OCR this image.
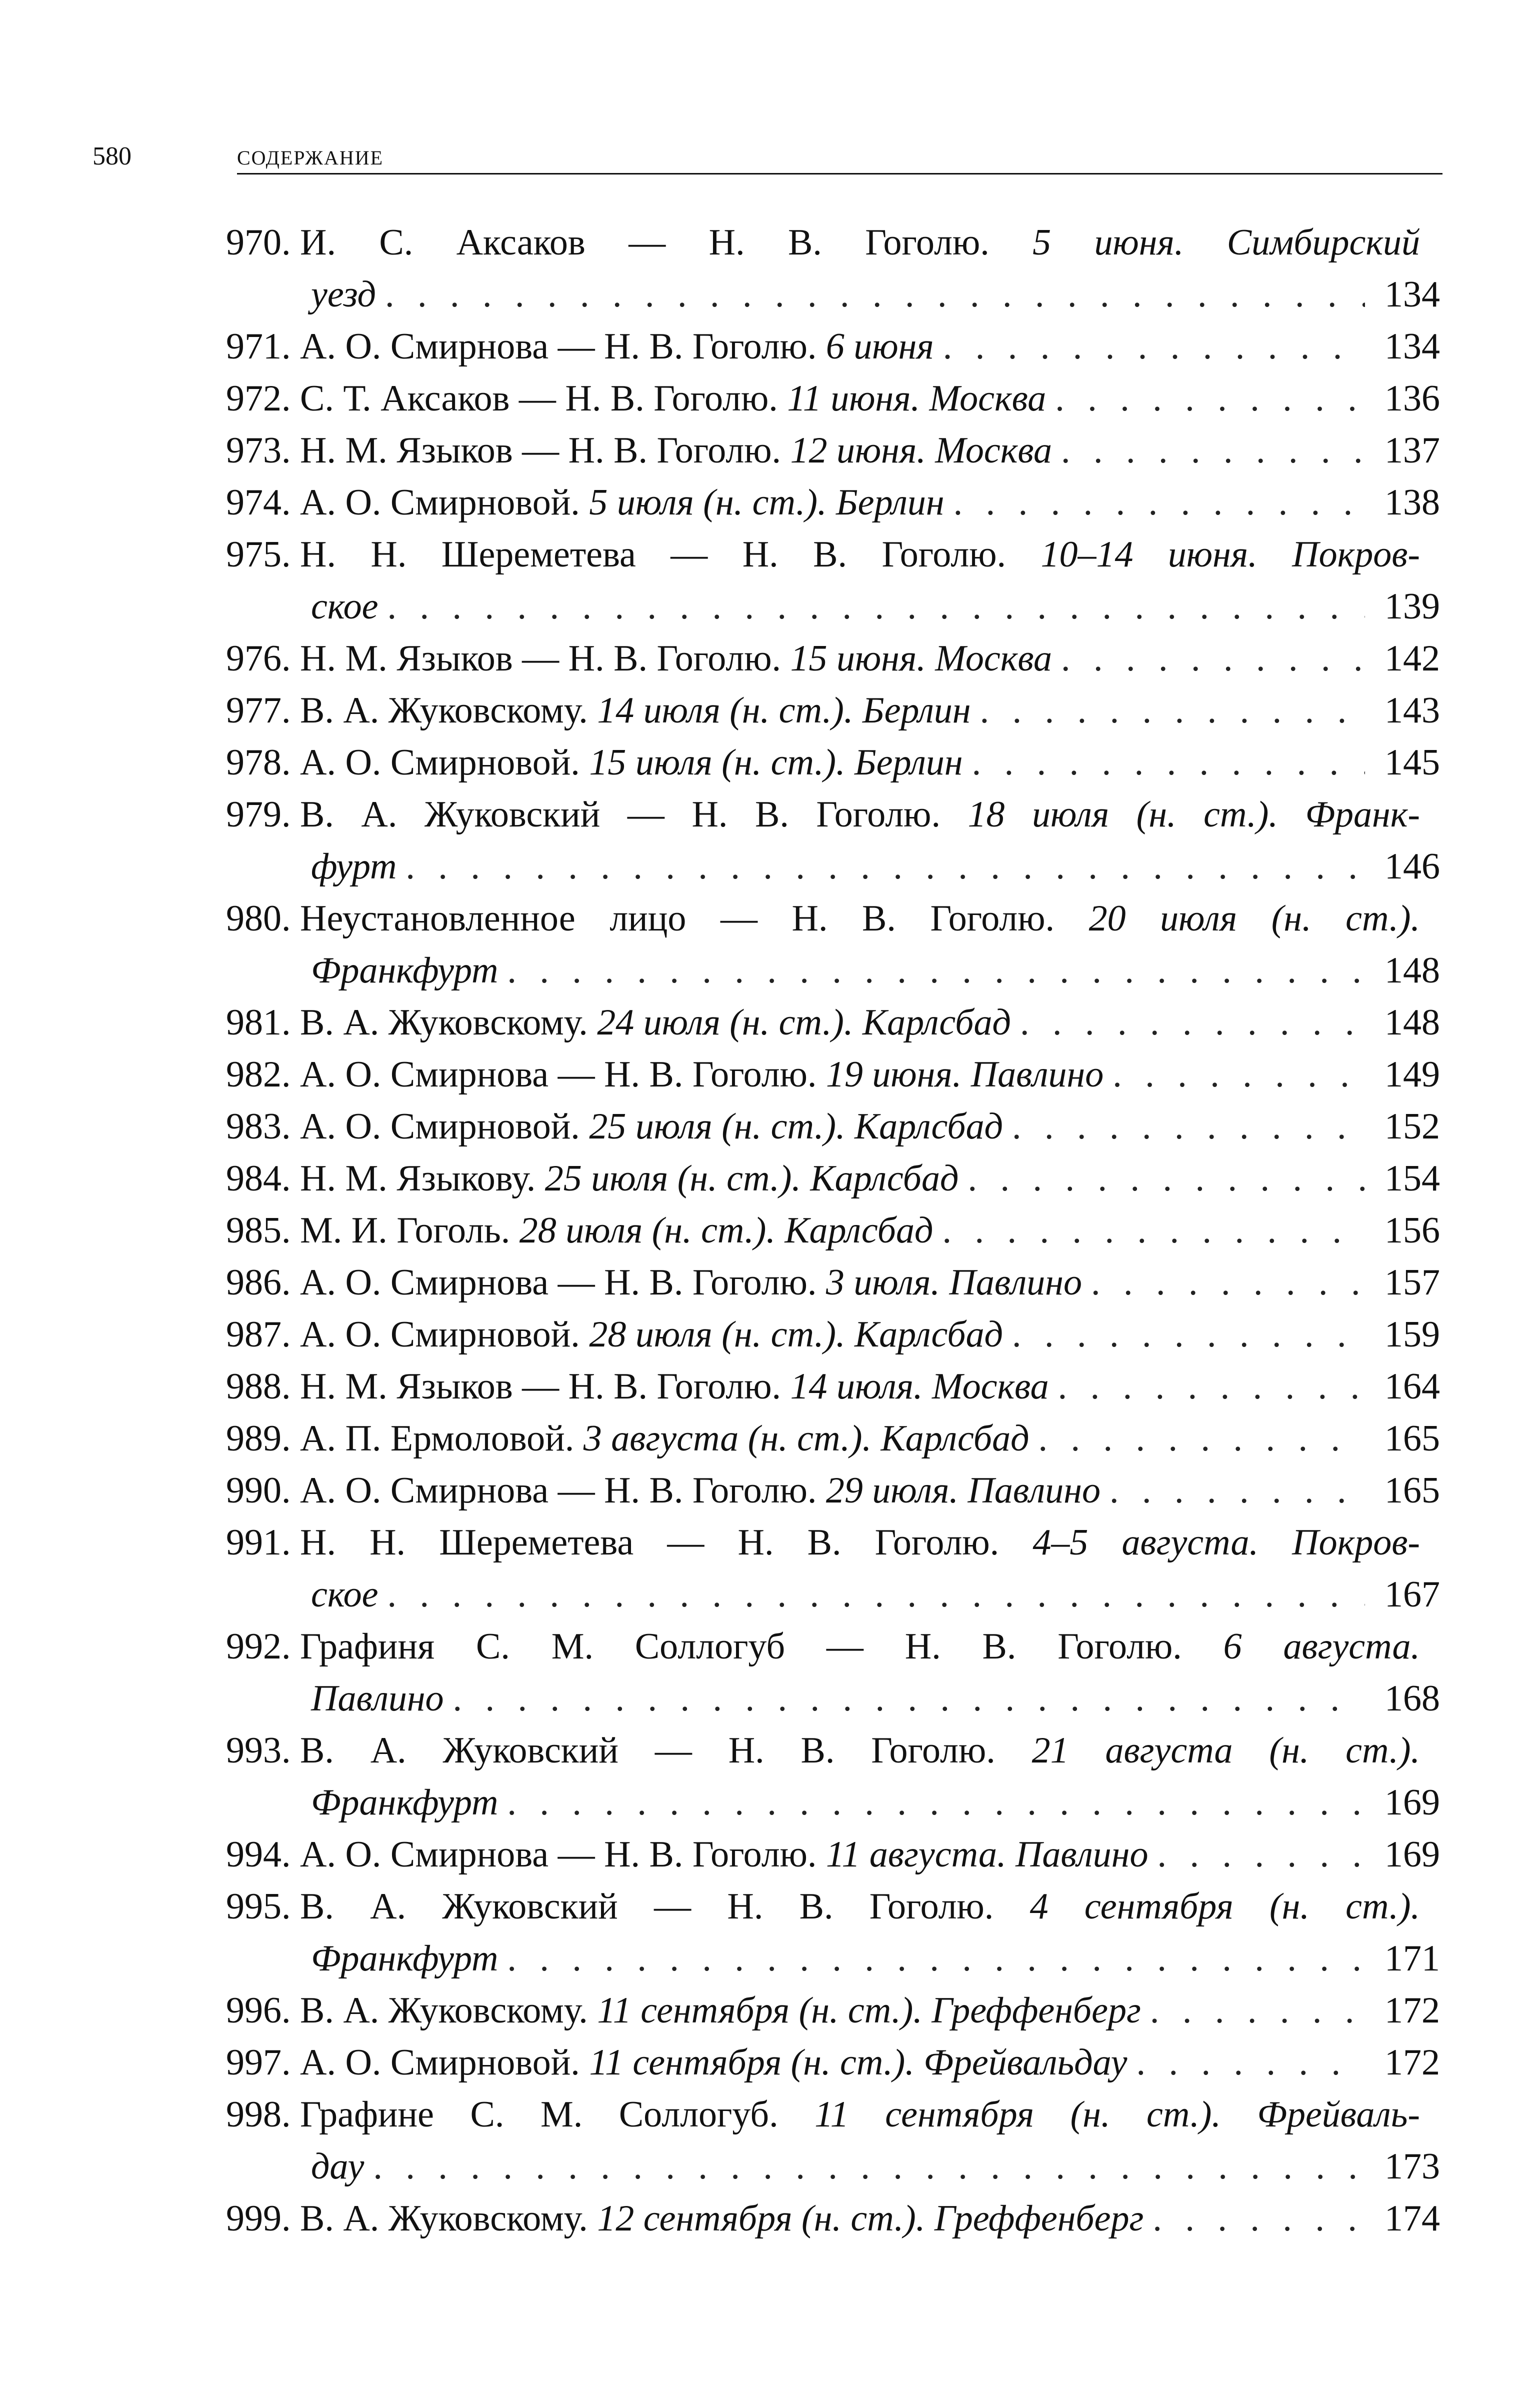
580	СОДЕРЖАНИЕ
970. И. С. Аксаков — Н. В. Гоголю. 5 июня. Симбирский
уезд . . .	134
971. А. О. Смирнова — Н. В. Гоголю. 6 июня . . .	134
972. С. Т. Аксаков — Н. В. Гоголю. 11 июня. Москва . . .	136
973. Н. М. Языков — Н. В. Гоголю. 12 июня. Москва . . .	137
974. А. О. Смирновой. 5 июля (н. ст.). Берлин . . .	138
975. Н. Н. Шереметева — Н. В. Гоголю. 10–14 июня. Покров-
ское . . .	139
976. Н. М. Языков — Н. В. Гоголю. 15 июня. Москва . . .	142
977. В. А. Жуковскому. 14 июля (н. ст.). Берлин . . .	143
978. А. О. Смирновой. 15 июля (н. ст.). Берлин . . .	145
979. В. А. Жуковский — Н. В. Гоголю. 18 июля (н. ст.). Франк-
фурт . . .	146
980. Неустановленное лицо — Н. В. Гоголю. 20 июля (н. ст.).
Франкфурт . . .	148
981. В. А. Жуковскому. 24 июля (н. ст.). Карлсбад . . .	148
982. А. О. Смирнова — Н. В. Гоголю. 19 июня. Павлино . . .	149
983. А. О. Смирновой. 25 июля (н. ст.). Карлсбад . . .	152
984. Н. М. Языкову. 25 июля (н. ст.). Карлсбад . . .	154
985. М. И. Гоголь. 28 июля (н. ст.). Карлсбад . . .	156
986. А. О. Смирнова — Н. В. Гоголю. 3 июля. Павлино . . .	157
987. А. О. Смирновой. 28 июля (н. ст.). Карлсбад . . .	159
988. Н. М. Языков — Н. В. Гоголю. 14 июля. Москва . . .	164
989. А. П. Ермоловой. 3 августа (н. ст.). Карлсбад . . .	165
990. А. О. Смирнова — Н. В. Гоголю. 29 июля. Павлино . . .	165
991. Н. Н. Шереметева — Н. В. Гоголю. 4–5 августа. Покров-
ское . . .	167
992. Графиня С. М. Соллогуб — Н. В. Гоголю. 6 августа.
Павлино . . .	168
993. В. А. Жуковский — Н. В. Гоголю. 21 августа (н. ст.).
Франкфурт . . .	169
994. А. О. Смирнова — Н. В. Гоголю. 11 августа. Павлино . . .	169
995. В. А. Жуковский — Н. В. Гоголю. 4 сентября (н. ст.).
Франкфурт . . .	171
996. В. А. Жуковскому. 11 сентября (н. ст.). Греффенберг . . .	172
997. А. О. Смирновой. 11 сентября (н. ст.). Фрейвальдау . . .	172
998. Графине С. М. Соллогуб. 11 сентября (н. ст.). Фрейваль-
дау . . .	173
999. В. А. Жуковскому. 12 сентября (н. ст.). Греффенберг . . .	174
